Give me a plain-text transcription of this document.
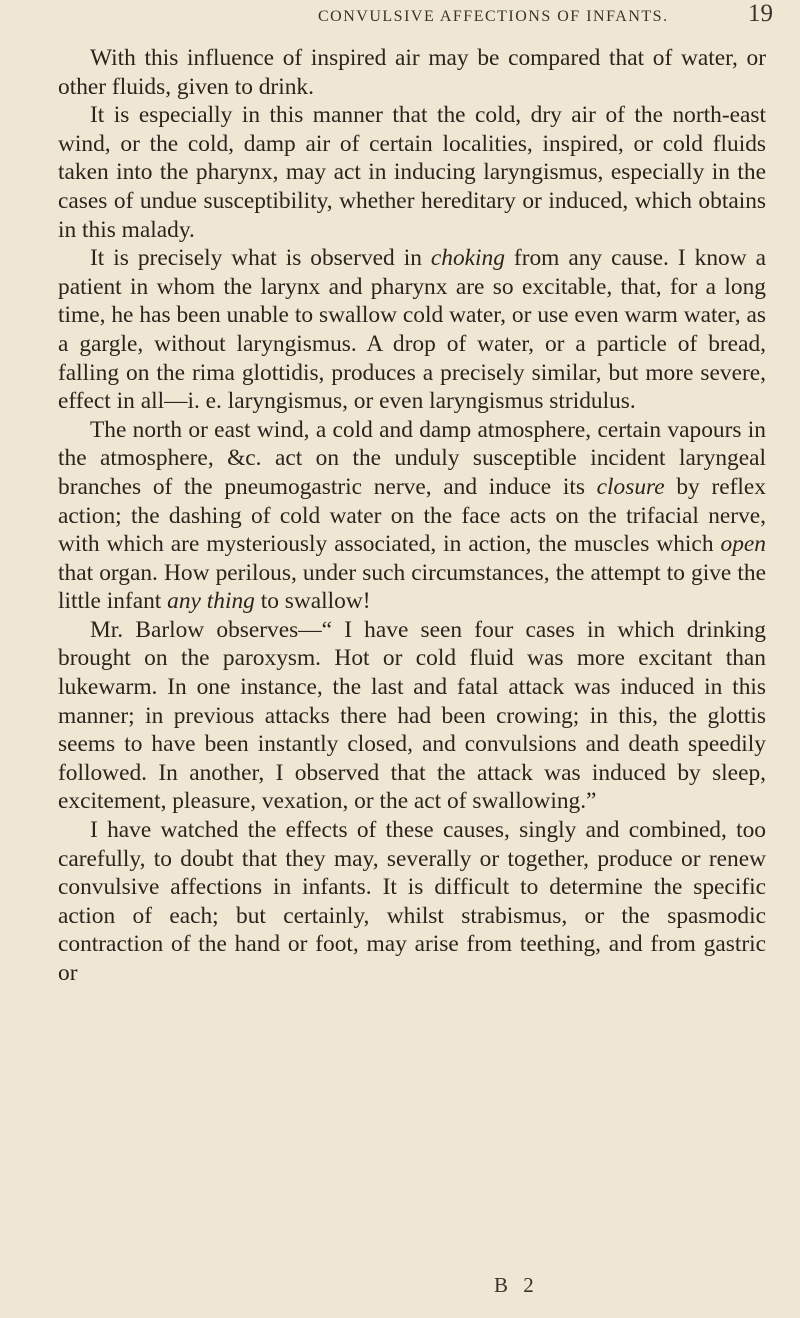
CONVULSIVE AFFECTIONS OF INFANTS.	19

With this influence of inspired air may be compared that of water, or other fluids, given to drink.

It is especially in this manner that the cold, dry air of the north-east wind, or the cold, damp air of certain localities, inspired, or cold fluids taken into the pharynx, may act in inducing laryngismus, especially in the cases of undue susceptibility, whether hereditary or induced, which obtains in this malady.

It is precisely what is observed in choking from any cause. I know a patient in whom the larynx and pharynx are so excitable, that, for a long time, he has been unable to swallow cold water, or use even warm water, as a gargle, without laryngismus. A drop of water, or a particle of bread, falling on the rima glottidis, produces a precisely similar, but more severe, effect in all—i. e. laryngismus, or even laryngismus stridulus.

The north or east wind, a cold and damp atmosphere, certain vapours in the atmosphere, &c. act on the unduly susceptible incident laryngeal branches of the pneumogastric nerve, and induce its closure by reflex action; the dashing of cold water on the face acts on the trifacial nerve, with which are mysteriously associated, in action, the muscles which open that organ. How perilous, under such circumstances, the attempt to give the little infant any thing to swallow!

Mr. Barlow observes—“ I have seen four cases in which drinking brought on the paroxysm. Hot or cold fluid was more excitant than lukewarm. In one instance, the last and fatal attack was induced in this manner; in previous attacks there had been crowing; in this, the glottis seems to have been instantly closed, and convulsions and death speedily followed. In another, I observed that the attack was induced by sleep, excitement, pleasure, vexation, or the act of swallowing.”

I have watched the effects of these causes, singly and combined, too carefully, to doubt that they may, severally or together, produce or renew convulsive affections in infants. It is difficult to determine the specific action of each; but certainly, whilst strabismus, or the spasmodic contraction of the hand or foot, may arise from teething, and from gastric or

B 2
